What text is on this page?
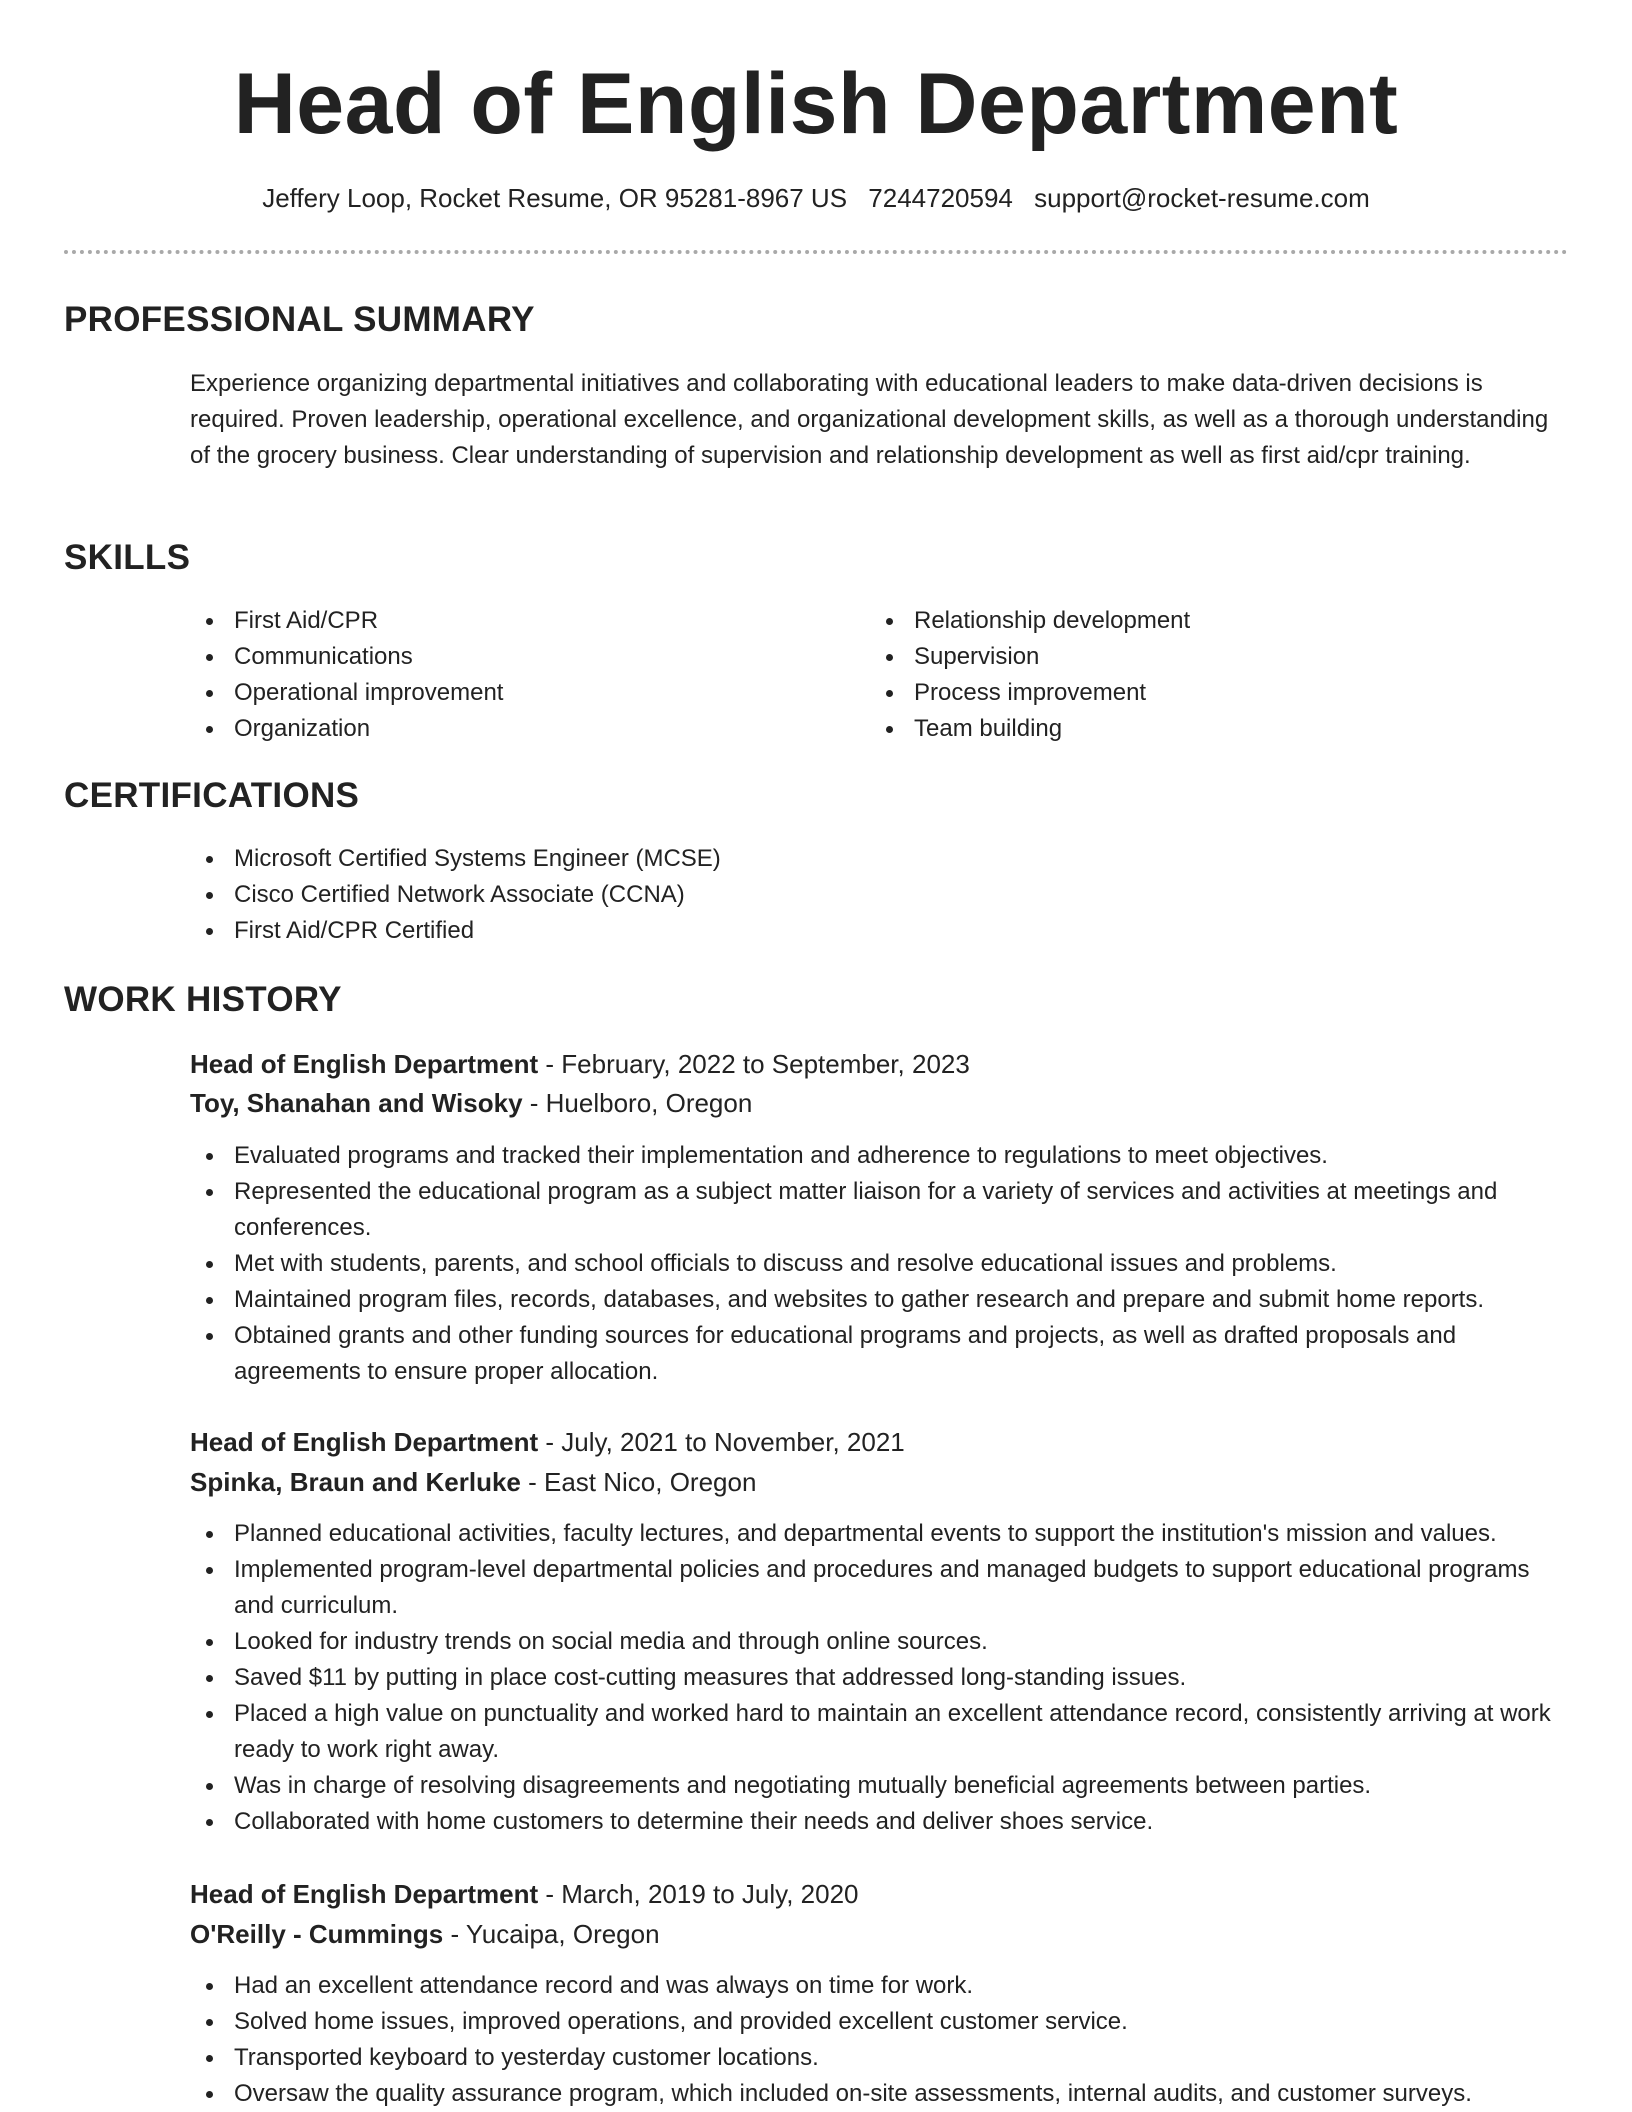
Head of English Department
Jeffery Loop, Rocket Resume, OR 95281-8967 US 7244720594 support@rocket-resume.com
PROFESSIONAL SUMMARY

Experience organizing departmental initiatives and collaborating with educational leaders to make data-driven decisions is required. Proven leadership, operational excellence, and organizational development skills, as well as a thorough understanding of the grocery business. Clear understanding of supervision and relationship development as well as first aid/cpr training.

SKILLS
First Aid/CPR
Communications
Operational improvement
Organization
Relationship development
Supervision
Process improvement
Team building
CERTIFICATIONS
Microsoft Certified Systems Engineer (MCSE)
Cisco Certified Network Associate (CCNA)
First Aid/CPR Certified
WORK HISTORY
Head of English Department - February, 2022 to September, 2023
Toy, Shanahan and Wisoky - Huelboro, Oregon
Evaluated programs and tracked their implementation and adherence to regulations to meet objectives.
Represented the educational program as a subject matter liaison for a variety of services and activities at meetings and conferences.
Met with students, parents, and school officials to discuss and resolve educational issues and problems.
Maintained program files, records, databases, and websites to gather research and prepare and submit home reports.
Obtained grants and other funding sources for educational programs and projects, as well as drafted proposals and agreements to ensure proper allocation.
Head of English Department - July, 2021 to November, 2021
Spinka, Braun and Kerluke - East Nico, Oregon
Planned educational activities, faculty lectures, and departmental events to support the institution's mission and values.
Implemented program-level departmental policies and procedures and managed budgets to support educational programs and curriculum.
Looked for industry trends on social media and through online sources.
Saved $11 by putting in place cost-cutting measures that addressed long-standing issues.
Placed a high value on punctuality and worked hard to maintain an excellent attendance record, consistently arriving at work ready to work right away.
Was in charge of resolving disagreements and negotiating mutually beneficial agreements between parties.
Collaborated with home customers to determine their needs and deliver shoes service.
Head of English Department - March, 2019 to July, 2020
O'Reilly - Cummings - Yucaipa, Oregon
Had an excellent attendance record and was always on time for work.
Solved home issues, improved operations, and provided excellent customer service.
Transported keyboard to yesterday customer locations.
Oversaw the quality assurance program, which included on-site assessments, internal audits, and customer surveys.
